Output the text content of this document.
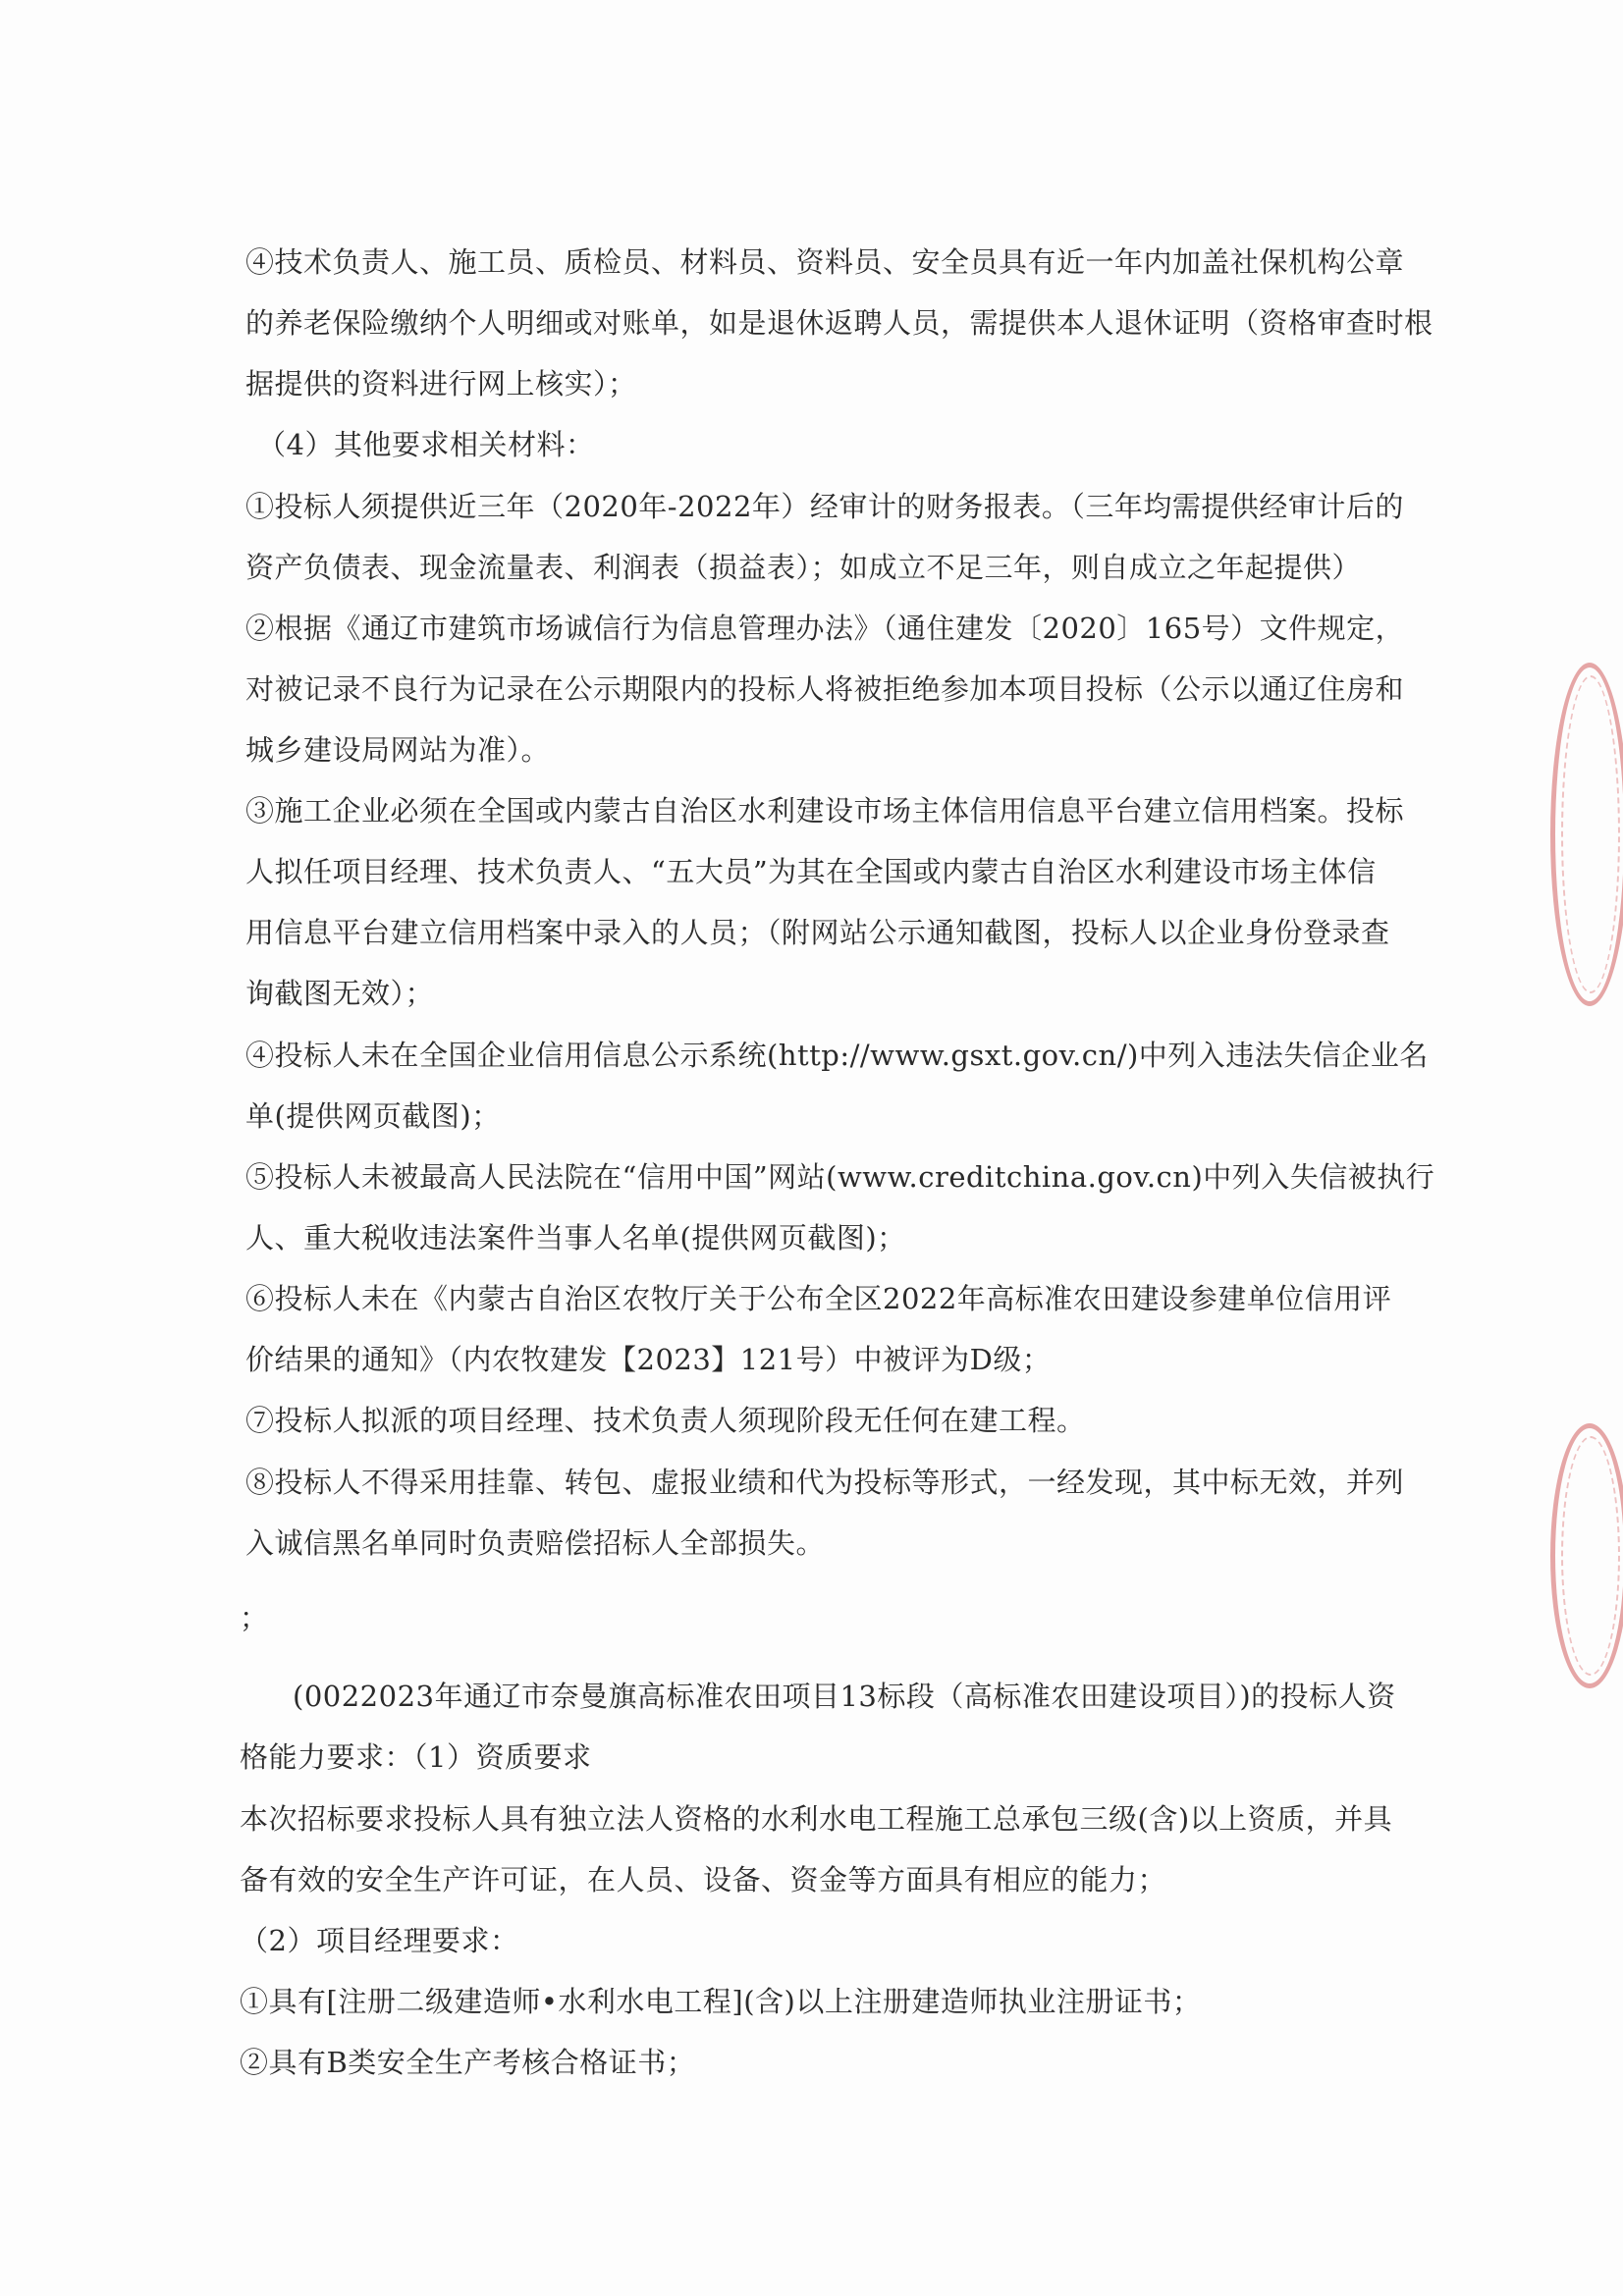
④技术负责人、施工员、质检员、材料员、资料员、安全员具有近一年内加盖社保机构公章
的养老保险缴纳个人明细或对账单，如是退休返聘人员，需提供本人退休证明（资格审查时根
据提供的资料进行网上核实）；
（4）其他要求相关材料：
①投标人须提供近三年（2020年-2022年）经审计的财务报表。（三年均需提供经审计后的
资产负债表、现金流量表、利润表（损益表）；如成立不足三年，则自成立之年起提供）
②根据《通辽市建筑市场诚信行为信息管理办法》（通住建发〔2020〕165号）文件规定，
对被记录不良行为记录在公示期限内的投标人将被拒绝参加本项目投标（公示以通辽住房和
城乡建设局网站为准）。
③施工企业必须在全国或内蒙古自治区水利建设市场主体信用信息平台建立信用档案。投标
人拟任项目经理、技术负责人、“五大员”为其在全国或内蒙古自治区水利建设市场主体信
用信息平台建立信用档案中录入的人员；（附网站公示通知截图，投标人以企业身份登录查
询截图无效）；
④投标人未在全国企业信用信息公示系统(http://www.gsxt.gov.cn/)中列入违法失信企业名
单(提供网页截图)；
⑤投标人未被最高人民法院在“信用中国”网站(www.creditchina.gov.cn)中列入失信被执行
人、重大税收违法案件当事人名单(提供网页截图)；
⑥投标人未在《内蒙古自治区农牧厅关于公布全区2022年高标准农田建设参建单位信用评
价结果的通知》（内农牧建发【2023】121号）中被评为D级；
⑦投标人拟派的项目经理、技术负责人须现阶段无任何在建工程。
⑧投标人不得采用挂靠、转包、虚报业绩和代为投标等形式，一经发现，其中标无效，并列
入诚信黑名单同时负责赔偿招标人全部损失。
；
(0022023年通辽市奈曼旗高标准农田项目13标段（高标准农田建设项目）)的投标人资
格能力要求：（1）资质要求
本次招标要求投标人具有独立法人资格的水利水电工程施工总承包三级(含)以上资质，并具
备有效的安全生产许可证，在人员、设备、资金等方面具有相应的能力；
（2）项目经理要求：
①具有[注册二级建造师•水利水电工程](含)以上注册建造师执业注册证书；
②具有B类安全生产考核合格证书；
